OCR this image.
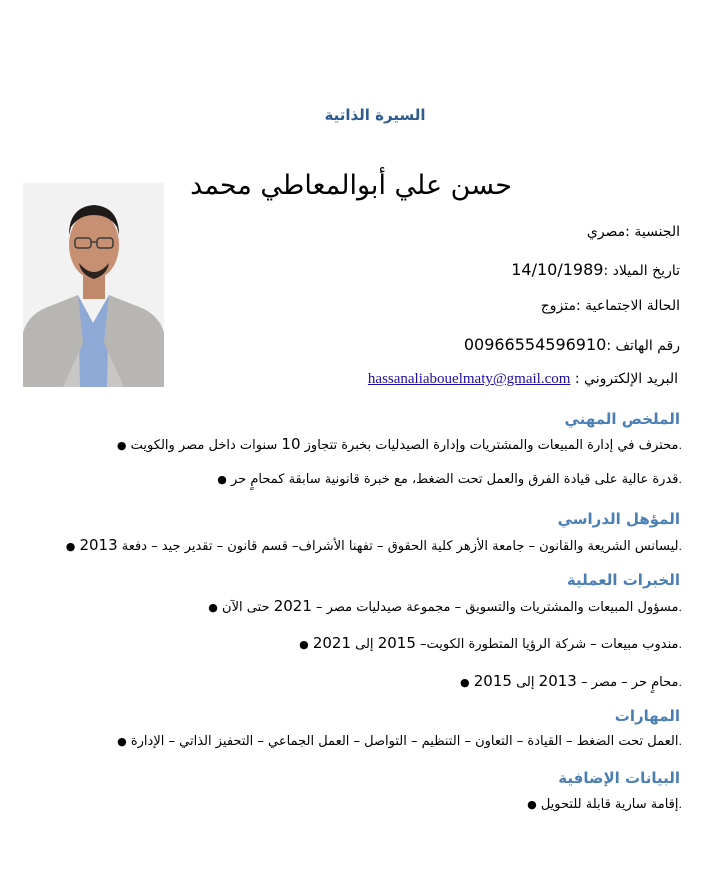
السيرة الذاتية
حسن علي أبوالمعاطي محمد
الجنسية :مصري
تاريخ الميلاد :14/10/1989
الحالة الاجتماعية :متزوج
رقم الهاتف :00966554596910
البريد الإلكتروني : hassanaliabouelmaty@gmail.com
الملخص المهني
.محترف في إدارة المبيعات والمشتريات وإدارة الصيدليات بخبرة تتجاوز 10 سنوات داخل مصر والكويت ●
.قدرة عالية على قيادة الفرق والعمل تحت الضغط، مع خبرة قانونية سابقة كمحامٍ حر ●
المؤهل الدراسي
.ليسانس الشريعة والقانون – جامعة الأزهر كلية الحقوق – تفهنا الأشراف– قسم قانون – تقدير جيد – دفعة 2013 ●
الخبرات العملية
.مسؤول المبيعات والمشتريات والتسويق – مجموعة صيدليات مصر – 2021 حتى الآن ●
.مندوب مبيعات – شركة الرؤيا المتطورة الكويت– 2015 إلى 2021 ●
.محامٍ حر – مصر – 2013 إلى 2015 ●
المهارات
.العمل تحت الضغط – القيادة – التعاون – التنظيم – التواصل – العمل الجماعي – التحفيز الذاتي – الإدارة ●
البيانات الإضافية
.إقامة سارية قابلة للتحويل ●
